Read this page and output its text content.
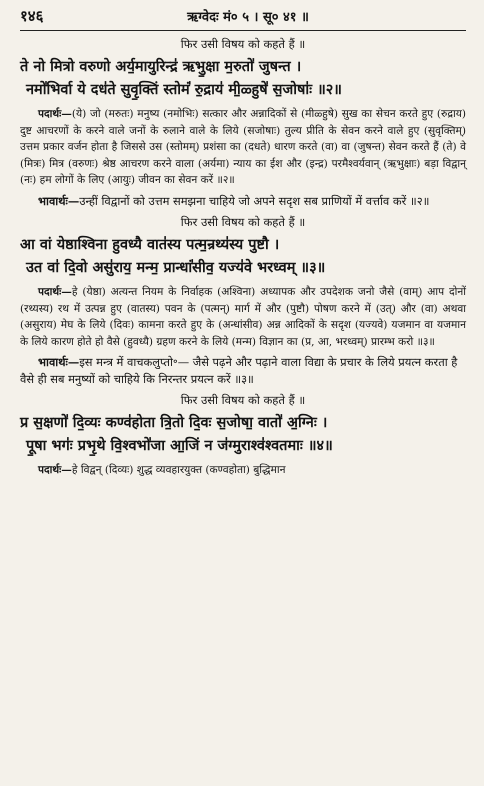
१४६	ऋग्वेदः मं० ५ । सू० ४१ ॥
फिर उसी विषय को कहते हैं ॥
ते नो मित्रो वरुणो अर्य॒मायुरिन्द्र॑ ऋभु॒क्षा म॒रुतो॑ जुषन्त ।
नमो॑भिर्वा ये दध॑ते सुवृ॒क्तिं स्तोमं॑ रु॒द्राय॑ मी॒ळ्हुषे॑ स॒जोषाः॑ ॥२॥

पदार्थः—(ये) जो (मरुतः) मनुष्य (नमोभिः) सत्कार और अन्नादिकों से (मीळ्हुषे) सुख का सेचन करते हुए (रुद्राय) दुष्ट आचरणों के करने वाले जनों के रुलाने वाले के लिये (सजोषाः) तुल्य प्रीति के सेवन करने वाले हुए (सुवृक्तिम्) उत्तम प्रकार वर्जन होता है जिससे उस (स्तोमम्) प्रशंसा का (दधते) धारण करते (वा) वा (जुषन्त) सेवन करते हैं (ते) वे (मित्रः) मित्र (वरुणः) श्रेष्ठ आचरण करने वाला (अर्यमा) न्याय का ईश और (इन्द्र) परमैश्वर्यवान् (ऋभुक्षाः) बड़ा विद्वान् (नः) हम लोगों के लिए (आयुः) जीवन का सेवन करें ॥२॥

भावार्थः—उन्हीं विद्वानों को उत्तम समझना चाहिये जो अपने सदृश सब प्राणियों में वर्त्ताव करें ॥२॥

फिर उसी विषय को कहते हैं ॥
आ वां येष्ठाश्विना हुवध्यै वात॑स्य पत्म॒न्रथ्य॑स्य पुष्टौ ।
उत वा॑ दि॒वो असु॑राय॒ मन्म॒ प्रान्धां॑सीव॒ यज्य॑वे भरध्वम् ॥३॥

पदार्थः—हे (येष्ठा) अत्यन्त नियम के निर्वाहक (अश्विना) अध्यापक और उपदेशक जनो जैसे (वाम्) आप दोनों (रथ्यस्य) रथ में उत्पन्न हुए (वातस्य) पवन के (पत्मन्) मार्ग में और (पुष्टौ) पोषण करने में (उत्) और (वा) अथवा (असुराय) मेघ के लिये (दिवः) कामना करते हुए के (अन्धांसीव) अन्न आदिकों के सदृश (यज्यवे) यजमान वा यजमान के लिये कारण होते हो वैसे (हुवध्यै) ग्रहण करने के लिये (मन्म) विज्ञान का (प्र, आ, भरध्वम्) प्रारम्भ करो ॥३॥

भावार्थः—इस मन्त्र में वाचकलुप्तो॰— जैसे पढ़ने और पढ़ाने वाला विद्या के प्रचार के लिये प्रयत्न करता है वैसे ही सब मनुष्यों को चाहिये कि निरन्तर प्रयत्न करें ॥३॥

फिर उसी विषय को कहते हैं ॥
प्र स॒क्षणो॑ दि॒व्यः कण्व॑होता त्रि॒तो दि॒वः स॒जोषा॒ वातो॑ अ॒ग्निः ।
पू॒षा भगः॑ प्रभृ॒थे वि॒श्वभो॑जा आ॒जिं न ज॑ग्मुराश्व॑श्वतमाः ॥४॥
पदार्थः—हे विद्वन् (दिव्यः) शुद्ध व्यवहारयुक्त (कण्वहोता) बुद्धिमान
